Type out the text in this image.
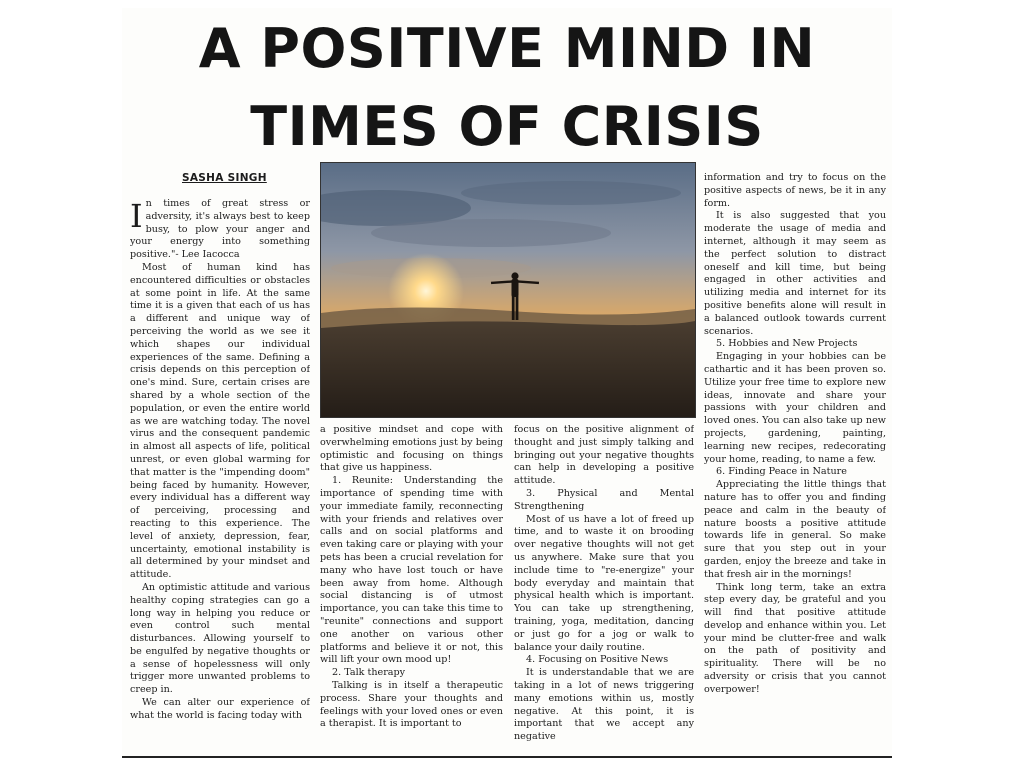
A POSITIVE MIND IN
TIMES OF CRISIS
SASHA SINGH

In times of great stress or adversity, it's always best to keep busy, to plow your anger and your energy into something positive."- Lee Iacocca

Most of human kind has encountered difficulties or obstacles at some point in life. At the same time it is a given that each of us has a different and unique way of perceiving the world as we see it which shapes our individual experiences of the same. Defining a crisis depends on this perception of one's mind. Sure, certain crises are shared by a whole section of the population, or even the entire world as we are watching today. The novel virus and the consequent pandemic in almost all aspects of life, political unrest, or even global warming for that matter is the "impending doom" being faced by humanity. However, every individual has a different way of perceiving, processing and reacting to this experience. The level of anxiety, depression, fear, uncertainty, emotional instability is all determined by your mindset and attitude.

An optimistic attitude and various healthy coping strategies can go a long way in helping you reduce or even control such mental disturbances. Allowing yourself to be engulfed by negative thoughts or a sense of hopelessness will only trigger more unwanted problems to creep in.

We can alter our experience of what the world is facing today with

a positive mindset and cope with overwhelming emotions just by being optimistic and focusing on things that give us happiness.

1. Reunite: Understanding the importance of spending time with your immediate family, reconnecting with your friends and relatives over calls and on social platforms and even taking care or playing with your pets has been a crucial revelation for many who have lost touch or have been away from home. Although social distancing is of utmost importance, you can take this time to "reunite" connections and support one another on various other platforms and believe it or not, this will lift your own mood up!

2. Talk therapy

Talking is in itself a therapeutic process. Share your thoughts and feelings with your loved ones or even a therapist. It is important to

focus on the positive alignment of thought and just simply talking and bringing out your negative thoughts can help in developing a positive attitude.

3. Physical and Mental Strengthening

Most of us have a lot of freed up time, and to waste it on brooding over negative thoughts will not get us anywhere. Make sure that you include time to "re-energize" your body everyday and maintain that physical health which is important. You can take up strengthening, training, yoga, meditation, dancing or just go for a jog or walk to balance your daily routine.

4. Focusing on Positive News

It is understandable that we are taking in a lot of news triggering many emotions within us, mostly negative. At this point, it is important that we accept any negative

information and try to focus on the positive aspects of news, be it in any form.

It is also suggested that you moderate the usage of media and internet, although it may seem as the perfect solution to distract oneself and kill time, but being engaged in other activities and utilizing media and internet for its positive benefits alone will result in a balanced outlook towards current scenarios.

5. Hobbies and New Projects

Engaging in your hobbies can be cathartic and it has been proven so. Utilize your free time to explore new ideas, innovate and share your passions with your children and loved ones. You can also take up new projects, gardening, painting, learning new recipes, redecorating your home, reading, to name a few.

6. Finding Peace in Nature

Appreciating the little things that nature has to offer you and finding peace and calm in the beauty of nature boosts a positive attitude towards life in general. So make sure that you step out in your garden, enjoy the breeze and take in that fresh air in the mornings!

Think long term, take an extra step every day, be grateful and you will find that positive attitude develop and enhance within you. Let your mind be clutter-free and walk on the path of positivity and spirituality. There will be no adversity or crisis that you cannot overpower!
